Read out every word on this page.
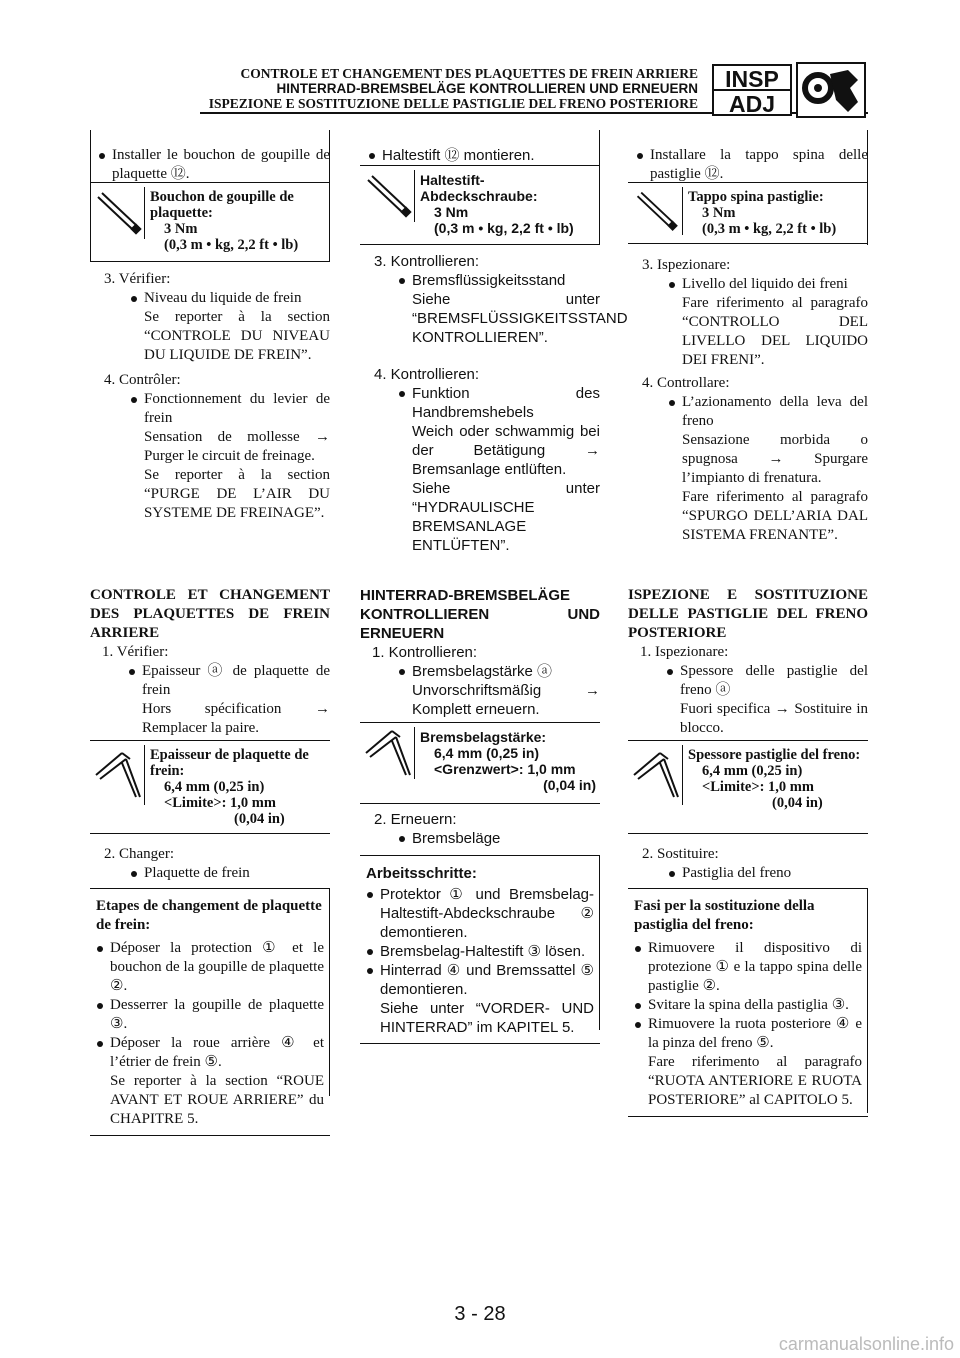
CONTROLE ET CHANGEMENT DES PLAQUETTES DE FREIN ARRIERE
HINTERRAD-BREMSBELÄGE KONTROLLIEREN UND ERNEUERN
ISPEZIONE E SOSTITUZIONE DELLE PASTIGLIE DEL FRENO POSTERIORE
INSP
ADJ
Installer le bouchon de goupille de plaquette ⑫.
Bouchon de goupille de plaquette:
3 Nm
(0,3 m • kg, 2,2 ft • lb)

3. Vérifier:

Niveau du liquide de frein

Se reporter à la section “CONTROLE DU NIVEAU DU LIQUIDE DE FREIN”.

4. Contrôler:

Fonctionnement du levier de frein

Sensation de mollesse → Purger le circuit de freinage.

Se reporter à la section “PURGE DE L’AIR DU SYSTEME DE FREINAGE”.

Haltestift ⑫ montieren.
Haltestift-Abdeckschraube:
3 Nm
(0,3 m • kg, 2,2 ft • lb)

3. Kontrollieren:

Bremsflüssigkeitsstand

Siehe unter “BREMSFLÜSSIGKEITSSTAND KONTROLLIEREN”.

4. Kontrollieren:

Funktion des Handbremshebels

Weich oder schwammig bei der Betätigung → Bremsanlage entlüften.

Siehe unter “HYDRAULISCHE BREMSANLAGE ENTLÜFTEN”.

Installare la tappo spina delle pastiglie ⑫.
Tappo spina pastiglie:
3 Nm
(0,3 m • kg, 2,2 ft • lb)

3. Ispezionare:

Livello del liquido dei freni

Fare riferimento al paragrafo “CONTROLLO DEL LIVELLO DEL LIQUIDO DEI FRENI”.

4. Controllare:

L’azionamento della leva del freno

Sensazione morbida o spugnosa → Spurgare l’impianto di frenatura.

Fare riferimento al paragrafo “SPURGO DELL’ARIA DAL SISTEMA FRENANTE”.

CONTROLE ET CHANGEMENT DES PLAQUETTES DE FREIN ARRIERE

1. Vérifier:

Epaisseur ⓐ de plaquette de frein

Hors spécification → Remplacer la paire.

Epaisseur de plaquette de frein:
6,4 mm (0,25 in)
<Limite>: 1,0 mm
(0,04 in)

2. Changer:

Plaquette de frein

Etapes de changement de plaquette de frein:

Déposer la protection ① et le bouchon de la goupille de plaquette ②.
Desserrer la goupille de plaquette ③.
Déposer la roue arrière ④ et l’étrier de frein ⑤.

Se reporter à la section “ROUE AVANT ET ROUE ARRIERE” du CHAPITRE 5.

HINTERRAD-BREMSBELÄGE KONTROLLIEREN UND ERNEUERN

1. Kontrollieren:

Bremsbelagstärke ⓐ

Unvorschriftsmäßig → Komplett erneuern.

Bremsbelagstärke:
6,4 mm (0,25 in)
<Grenzwert>: 1,0 mm
(0,04 in)

2. Erneuern:

Bremsbeläge

Arbeitsschritte:

Protektor ① und Bremsbelag-Haltestift-Abdeckschraube ② demontieren.
Bremsbelag-Haltestift ③ lösen.
Hinterrad ④ und Bremssattel ⑤ demontieren.

Siehe unter “VORDER- UND HINTERRAD” im KAPITEL 5.

ISPEZIONE E SOSTITUZIONE DELLE PASTIGLIE DEL FRENO POSTERIORE

1. Ispezionare:

Spessore delle pastiglie del freno ⓐ

Fuori specifica → Sostituire in blocco.

Spessore pastiglie del freno:
6,4 mm (0,25 in)
<Limite>: 1,0 mm
(0,04 in)

2. Sostituire:

Pastiglia del freno

Fasi per la sostituzione della pastiglia del freno:

Rimuovere il dispositivo di protezione ① e la tappo spina delle pastiglie ②.
Svitare la spina della pastiglia ③.
Rimuovere la ruota posteriore ④ e la pinza del freno ⑤.

Fare riferimento al paragrafo “RUOTA ANTERIORE E RUOTA POSTERIORE” al CAPITOLO 5.

3 - 28
carmanualsonline.info
